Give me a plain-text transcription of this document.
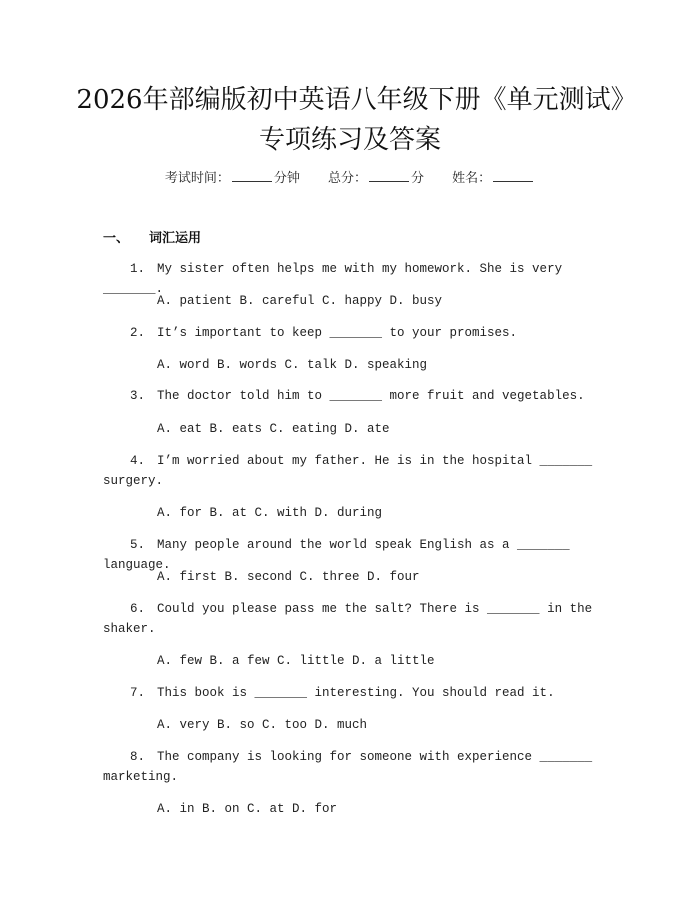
2026年部编版初中英语八年级下册《单元测试》专项练习及答案
考试时间：	分钟 总分：	分 姓名：
一、 词汇运用
1. My sister often helps me with my homework. She is very _______.
A. patient B. careful C. happy D. busy
2. It’s important to keep _______ to your promises.
A. word B. words C. talk D. speaking
3. The doctor told him to _______ more fruit and vegetables.
A. eat B. eats C. eating D. ate
4. I’m worried about my father. He is in the hospital _______ surgery.
A. for B. at C. with D. during
5. Many people around the world speak English as a _______ language.
A. first B. second C. three D. four
6. Could you please pass me the salt? There is _______ in the shaker.
A. few B. a few C. little D. a little
7. This book is _______ interesting. You should read it.
A. very B. so C. too D. much
8. The company is looking for someone with experience _______ marketing.
A. in B. on C. at D. for
